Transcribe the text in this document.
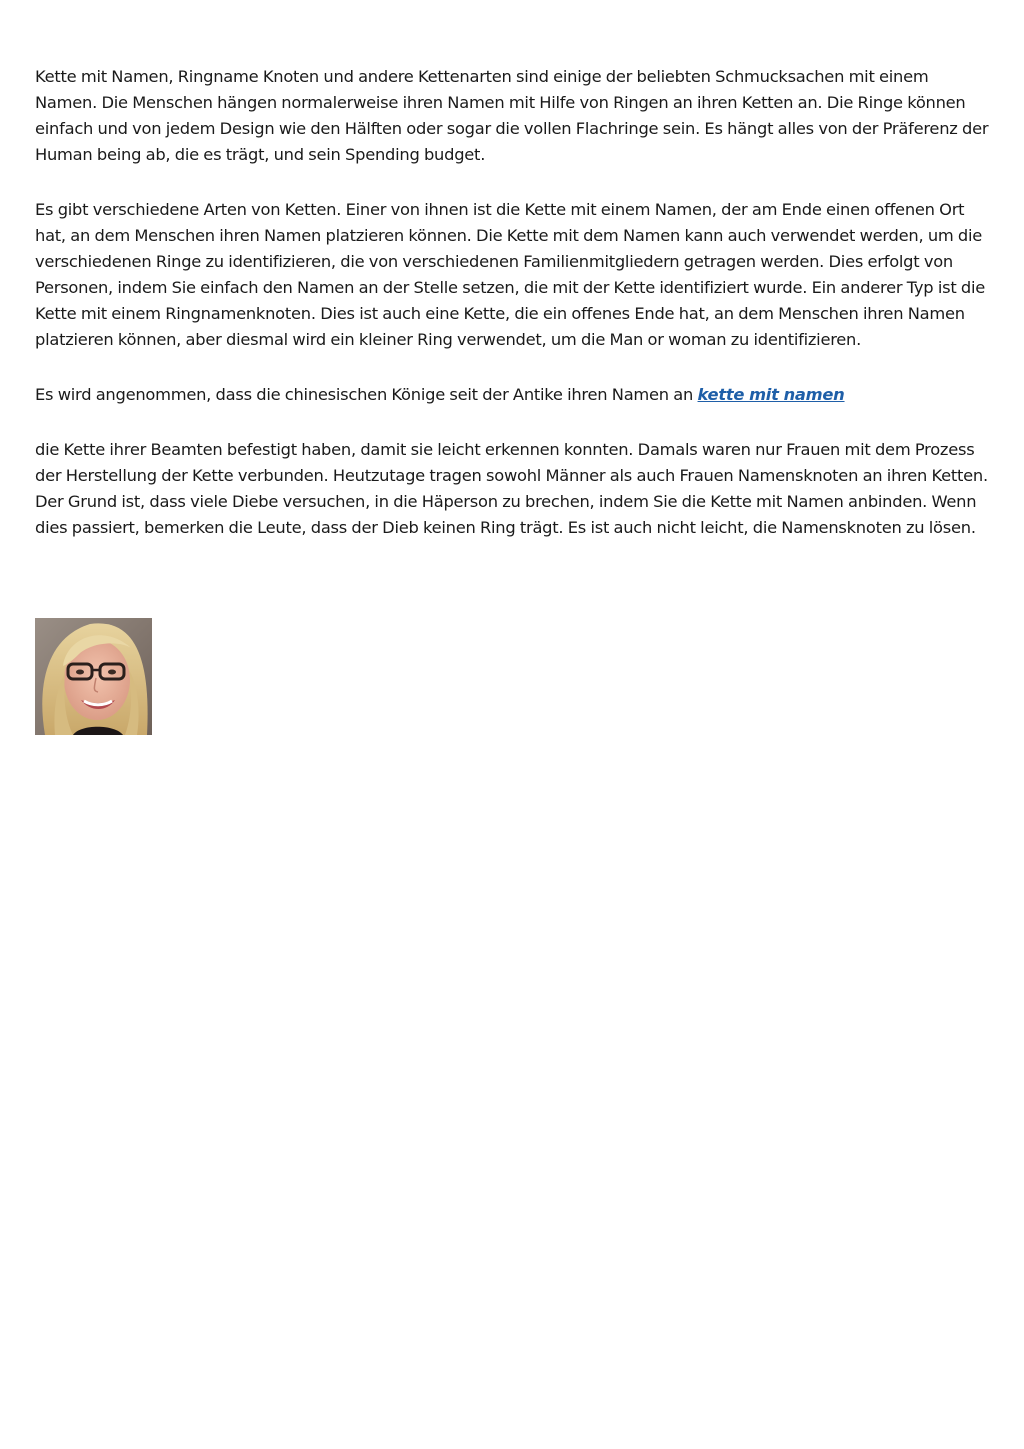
Kette mit Namen, Ringname Knoten und andere Kettenarten sind einige der beliebten Schmucksachen mit einem Namen. Die Menschen hängen normalerweise ihren Namen mit Hilfe von Ringen an ihren Ketten an. Die Ringe können einfach und von jedem Design wie den Hälften oder sogar die vollen Flachringe sein. Es hängt alles von der Präferenz der Human being ab, die es trägt, und sein Spending budget.

Es gibt verschiedene Arten von Ketten. Einer von ihnen ist die Kette mit einem Namen, der am Ende einen offenen Ort hat, an dem Menschen ihren Namen platzieren können. Die Kette mit dem Namen kann auch verwendet werden, um die verschiedenen Ringe zu identifizieren, die von verschiedenen Familienmitgliedern getragen werden. Dies erfolgt von Personen, indem Sie einfach den Namen an der Stelle setzen, die mit der Kette identifiziert wurde. Ein anderer Typ ist die Kette mit einem Ringnamenknoten. Dies ist auch eine Kette, die ein offenes Ende hat, an dem Menschen ihren Namen platzieren können, aber diesmal wird ein kleiner Ring verwendet, um die Man or woman zu identifizieren.

Es wird angenommen, dass die chinesischen Könige seit der Antike ihren Namen an kette mit namen

die Kette ihrer Beamten befestigt haben, damit sie leicht erkennen konnten. Damals waren nur Frauen mit dem Prozess der Herstellung der Kette verbunden. Heutzutage tragen sowohl Männer als auch Frauen Namensknoten an ihren Ketten. Der Grund ist, dass viele Diebe versuchen, in die Häperson zu brechen, indem Sie die Kette mit Namen anbinden. Wenn dies passiert, bemerken die Leute, dass der Dieb keinen Ring trägt. Es ist auch nicht leicht, die Namensknoten zu lösen.
